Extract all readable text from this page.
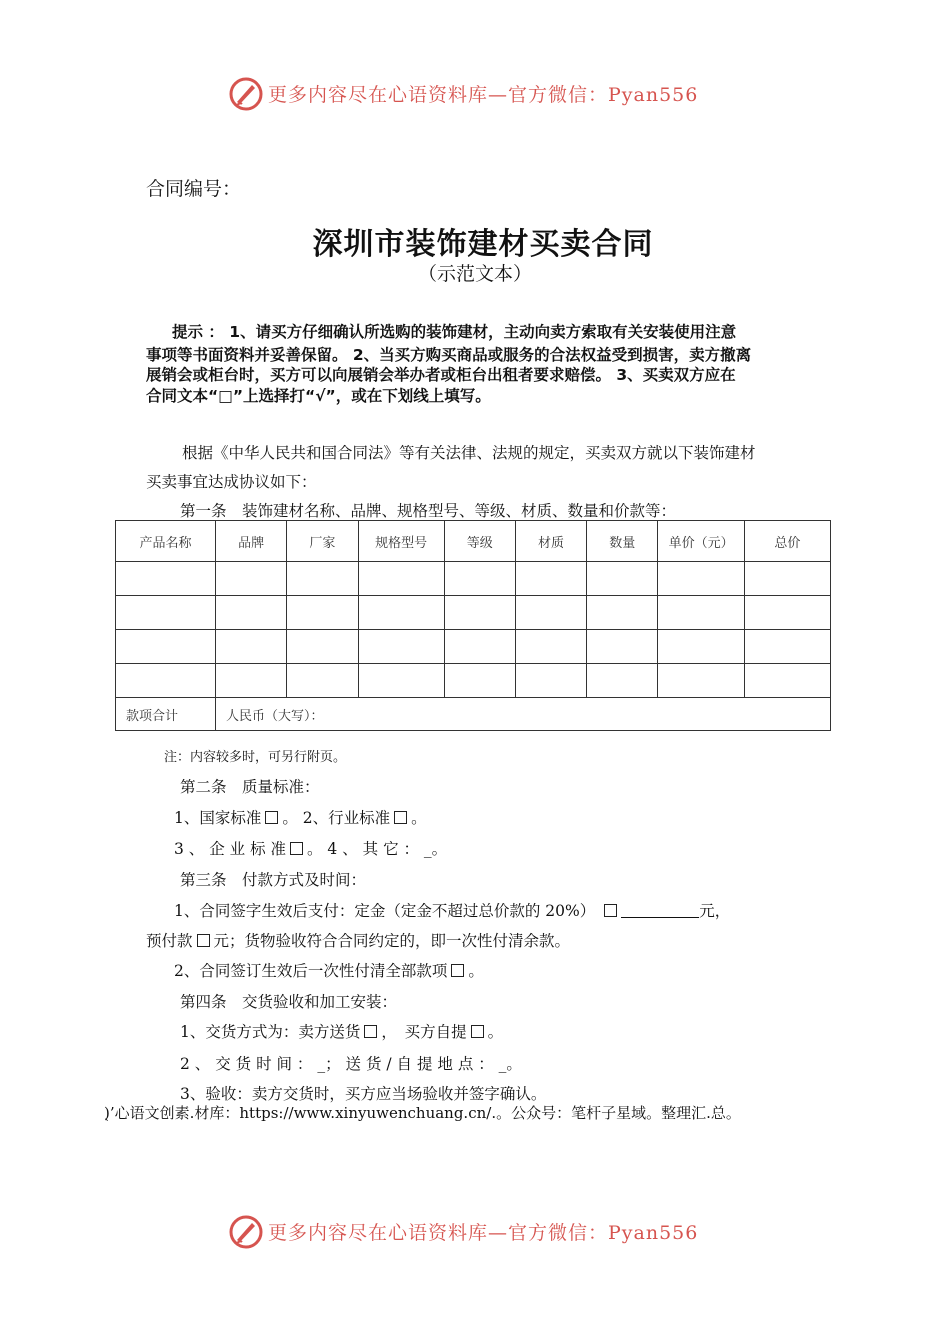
更多内容尽在心语资料库—官方微信：Pyan556
合同编号：
深圳市装饰建材买卖合同
（示范文本）
提示 ： 1、请买方仔细确认所选购的装饰建材，主动向卖方索取有关安装使用注意
事项等书面资料并妥善保留。 2、当买方购买商品或服务的合法权益受到损害，卖方撤离
展销会或柜台时，买方可以向展销会举办者或柜台出租者要求赔偿。 3、买卖双方应在
合同文本“□”上选择打“√”，或在下划线上填写。
根据《中华人民共和国合同法》等有关法律、法规的规定，买卖双方就以下装饰建材
买卖事宜达成协议如下：
第一条　装饰建材名称、品牌、规格型号、等级、材质、数量和价款等：
产品名称	品牌	厂家	规格型号	等级	材质	数量	单价（元）	总价

款项合计	人民币（大写）：							
注：内容较多时，可另行附页。
第二条　质量标准：
1、国家标准 。 2、行业标准 。
3 、 企 业 标 准 。 4 、 其 它 ： _。
第三条　付款方式及时间：
1、合同签字生效后支付：定金（定金不超过总价款的 20%）	元，
预付款 元；货物验收符合合同约定的，即一次性付清余款。
2、合同签订生效后一次性付清全部款项 。
第四条　交货验收和加工安装：
1、交货方式为：卖方送货 ，　买方自提 。
2 、 交 货 时 间 ： _； 送 货 / 自 提 地 点 ： _。
3、验收：卖方交货时，买方应当场验收并签字确认。
)’心语文创素.材库：https://www.xinyuwenchuang.cn/.。公众号：笔杆子星域。整理汇.总。
`
更多内容尽在心语资料库—官方微信：Pyan556
